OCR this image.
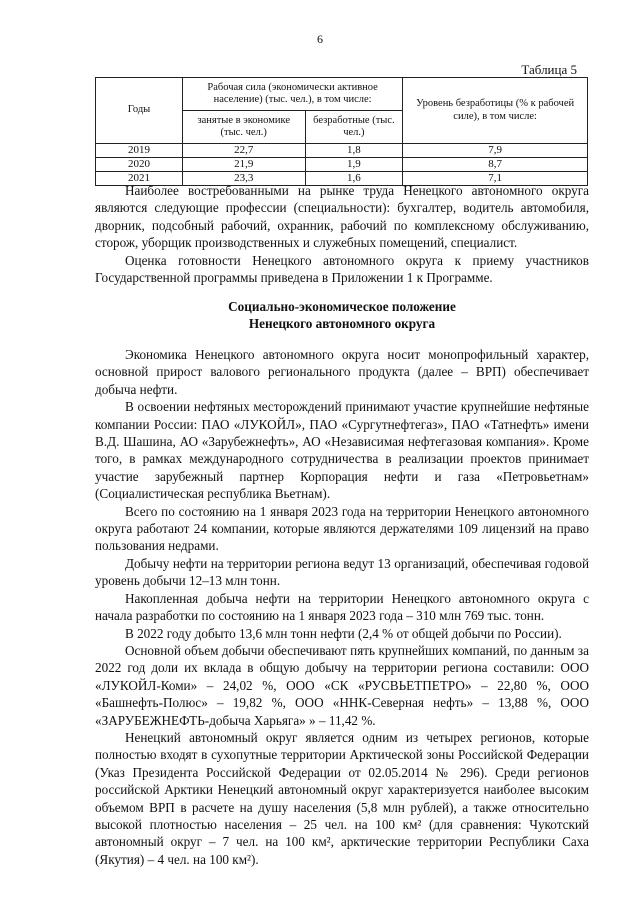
6
Таблица 5
Годы	Рабочая сила (экономически активное население) (тыс. чел.), в том числе:		Уровень безработицы (% к рабочей силе), в том числе:
	занятые в экономике (тыс. чел.)	безработные (тыс. чел.)	
2019	22,7	1,8	7,9
2020	21,9	1,9	8,7
2021	23,3	1,6	7,1

Наиболее востребованными на рынке труда Ненецкого автономного округа являются следующие профессии (специальности): бухгалтер, водитель автомобиля, дворник, подсобный рабочий, охранник, рабочий по комплексному обслуживанию, сторож, уборщик производственных и служебных помещений, специалист.

Оценка готовности Ненецкого автономного округа к приему участников Государственной программы приведена в Приложении 1 к Программе.

Социально-экономическое положение
Ненецкого автономного округа

Экономика Ненецкого автономного округа носит монопрофильный характер, основной прирост валового регионального продукта (далее – ВРП) обеспечивает добыча нефти.

В освоении нефтяных месторождений принимают участие крупнейшие нефтяные компании России: ПАО «ЛУКОЙЛ», ПАО «Сургутнефтегаз», ПАО «Татнефть» имени В.Д. Шашина, АО «Зарубежнефть», АО «Независимая нефтегазовая компания». Кроме того, в рамках международного сотрудничества в реализации проектов принимает участие зарубежный партнер Корпорация нефти и газа «Петровьетнам» (Социалистическая республика Вьетнам).

Всего по состоянию на 1 января 2023 года на территории Ненецкого автономного округа работают 24 компании, которые являются держателями 109 лицензий на право пользования недрами.

Добычу нефти на территории региона ведут 13 организаций, обеспечивая годовой уровень добычи 12–13 млн тонн.

Накопленная добыча нефти на территории Ненецкого автономного округа с начала разработки по состоянию на 1 января 2023 года – 310 млн 769 тыс. тонн.

В 2022 году добыто 13,6 млн тонн нефти (2,4 % от общей добычи по России).

Основной объем добычи обеспечивают пять крупнейших компаний, по данным за 2022 год доли их вклада в общую добычу на территории региона составили: ООО «ЛУКОЙЛ-Коми» – 24,02 %, ООО «СК «РУСВЬЕТПЕТРО» – 22,80 %, ООО «Башнефть-Полюс» – 19,82 %, ООО «ННК-Северная нефть» – 13,88 %, ООО «ЗАРУБЕЖНЕФТЬ-добыча Харьяга» » – 11,42 %.

Ненецкий автономный округ является одним из четырех регионов, которые полностью входят в сухопутные территории Арктической зоны Российской Федерации (Указ Президента Российской Федерации от 02.05.2014 № 296). Среди регионов российской Арктики Ненецкий автономный округ характеризуется наиболее высоким объемом ВРП в расчете на душу населения (5,8 млн рублей), а также относительно высокой плотностью населения – 25 чел. на 100 км² (для сравнения: Чукотский автономный округ – 7 чел. на 100 км², арктические территории Республики Саха (Якутия) – 4 чел. на 100 км²).
